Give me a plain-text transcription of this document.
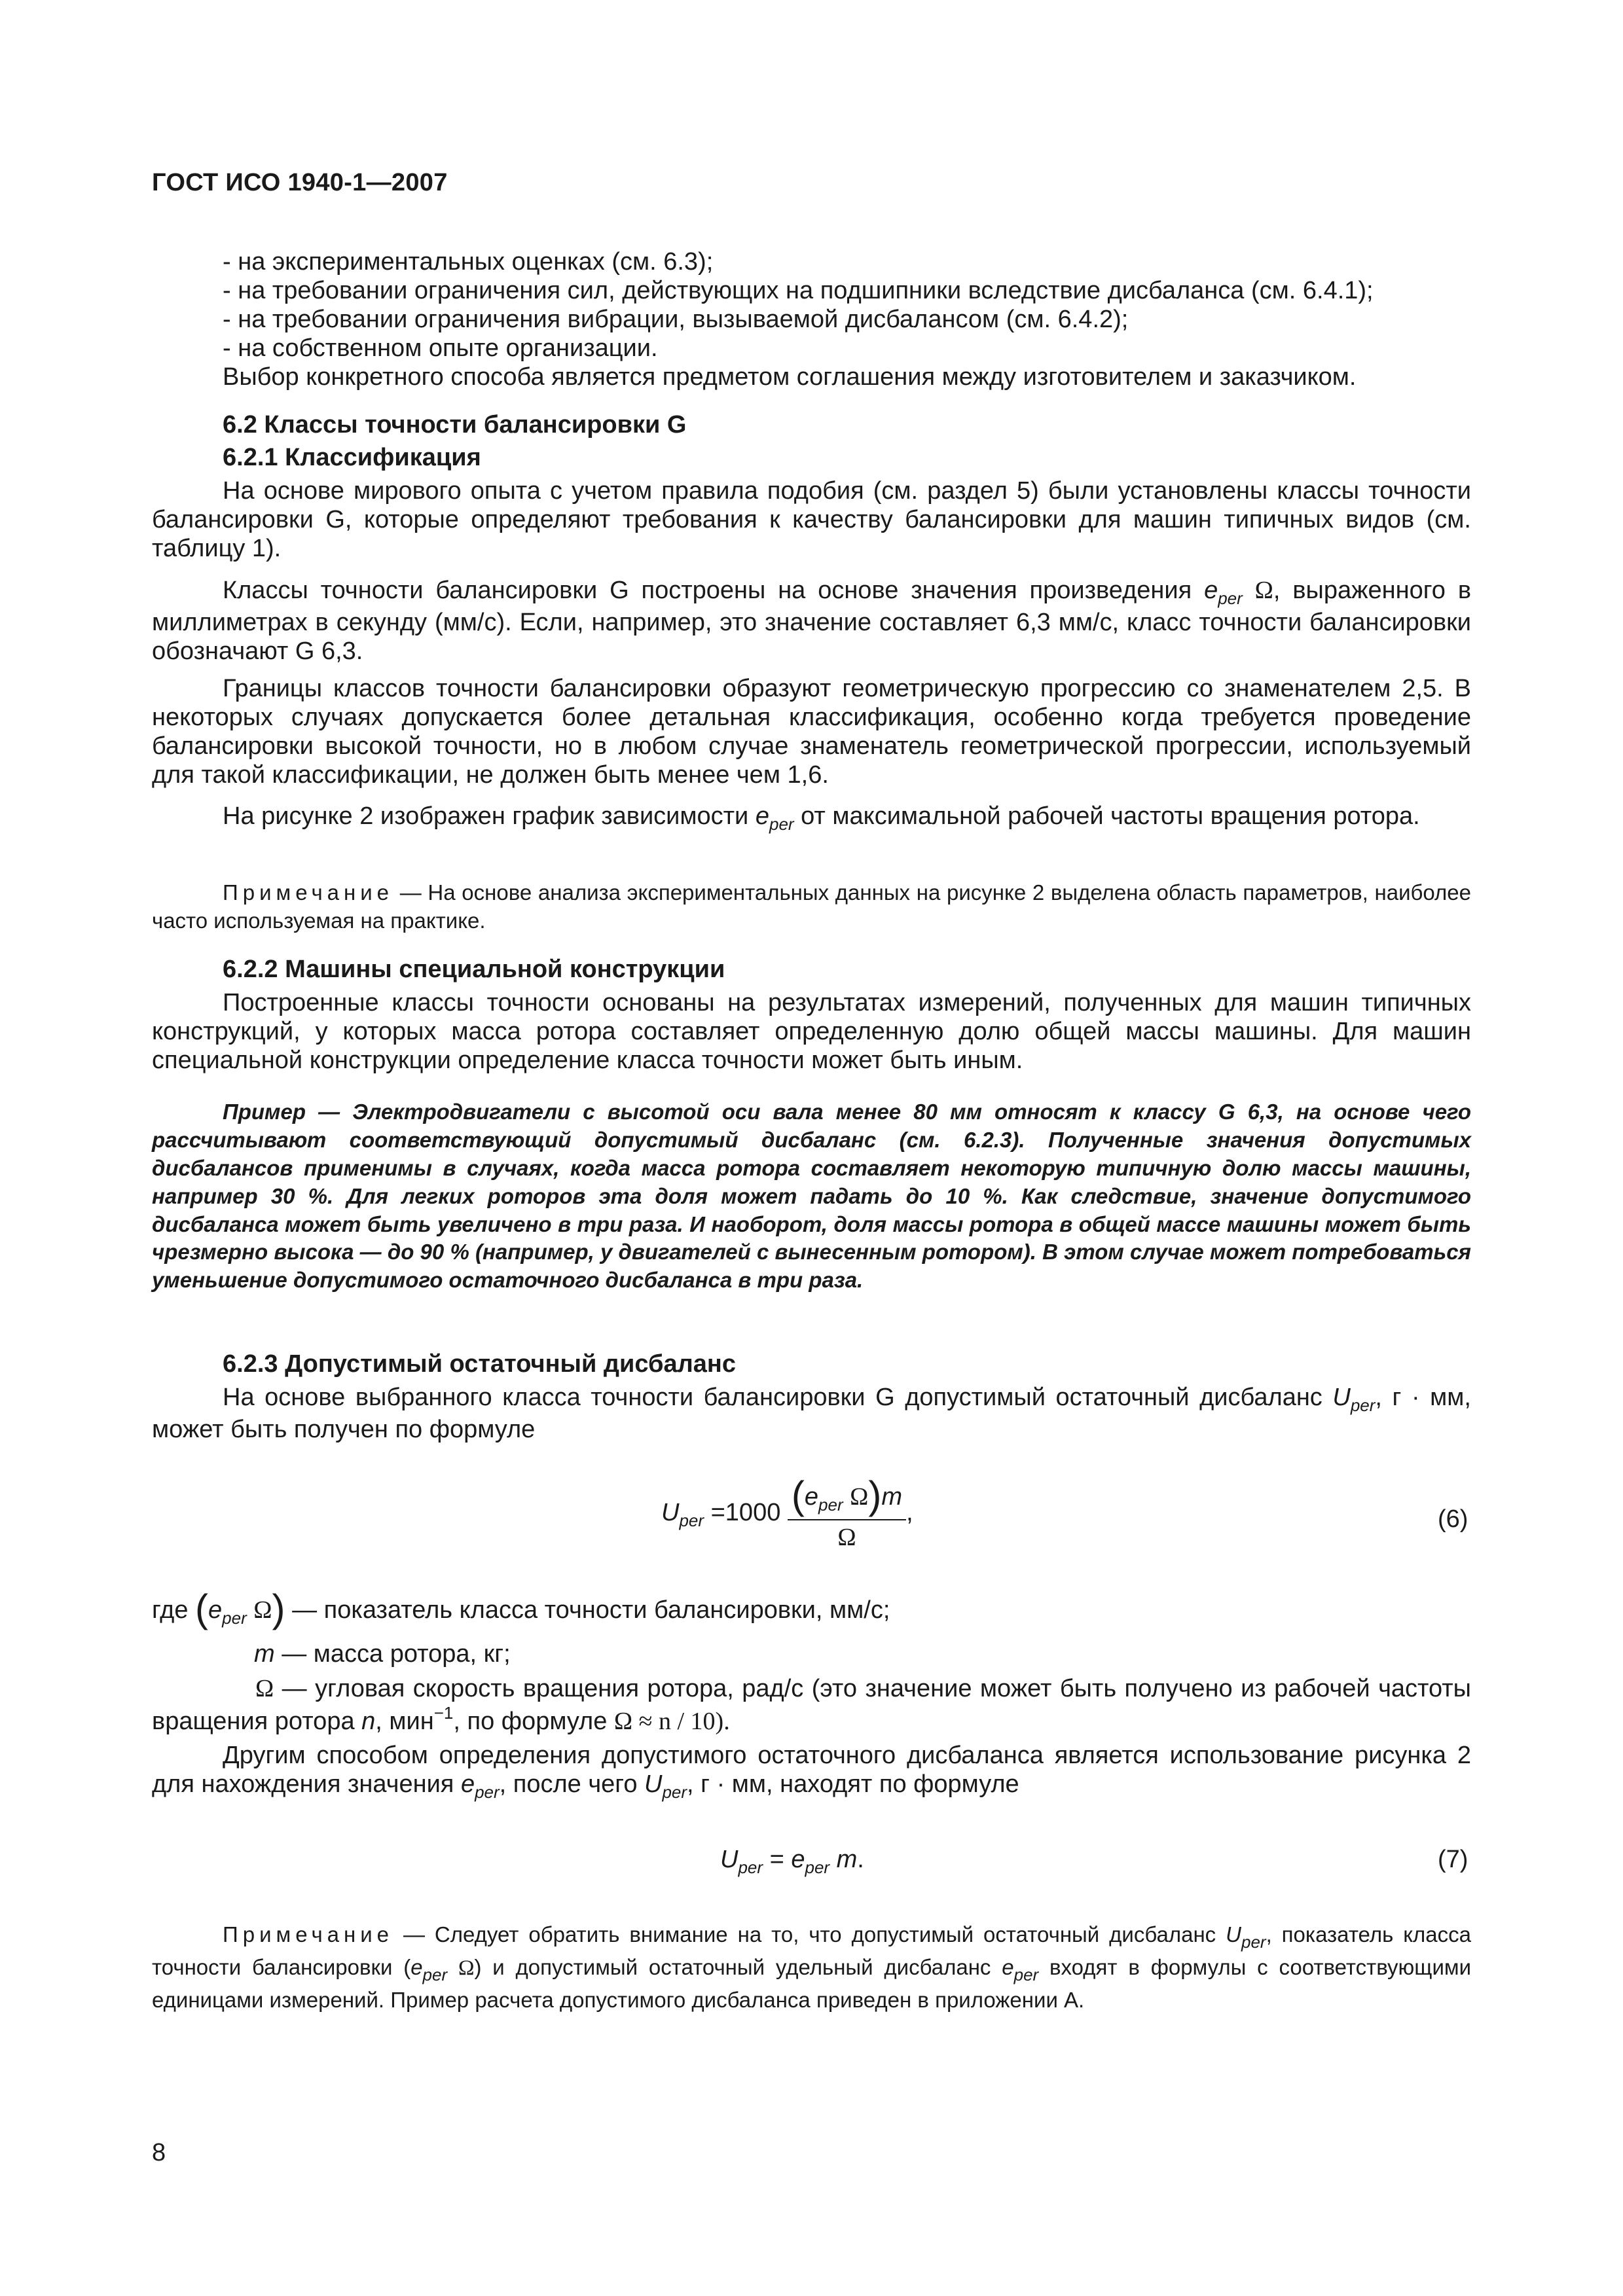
ГОСТ ИСО 1940-1—2007
- на экспериментальных оценках (см. 6.3);
- на требовании ограничения сил, действующих на подшипники вследствие дисбаланса (см. 6.4.1);
- на требовании ограничения вибрации, вызываемой дисбалансом (см. 6.4.2);
- на собственном опыте организации.
Выбор конкретного способа является предметом соглашения между изготовителем и заказчиком.
6.2 Классы точности балансировки G
6.2.1 Классификация
На основе мирового опыта с учетом правила подобия (см. раздел 5) были установлены классы точности балансировки G, которые определяют требования к качеству балансировки для машин типичных видов (см. таблицу 1).
Классы точности балансировки G построены на основе значения произведения $e_{per}$ Ω, выраженного в миллиметрах в секунду (мм/с). Если, например, это значение составляет 6,3 мм/с, класс точности балансировки обозначают G 6,3.
Границы классов точности балансировки образуют геометрическую прогрессию со знаменателем 2,5. В некоторых случаях допускается более детальная классификация, особенно когда требуется проведение балансировки высокой точности, но в любом случае знаменатель геометрической прогрессии, используемый для такой классификации, не должен быть менее чем 1,6.
На рисунке 2 изображен график зависимости $e_{per}$ от максимальной рабочей частоты вращения ротора.
Примечание — На основе анализа экспериментальных данных на рисунке 2 выделена область параметров, наиболее часто используемая на практике.
6.2.2 Машины специальной конструкции
Построенные классы точности основаны на результатах измерений, полученных для машин типичных конструкций, у которых масса ротора составляет определенную долю общей массы машины. Для машин специальной конструкции определение класса точности может быть иным.
Пример — Электродвигатели с высотой оси вала менее 80 мм относят к классу G 6,3, на основе чего рассчитывают соответствующий допустимый дисбаланс (см. 6.2.3). Полученные значения допустимых дисбалансов применимы в случаях, когда масса ротора составляет некоторую типичную долю массы машины, например 30 %. Для легких роторов эта доля может падать до 10 %. Как следствие, значение допустимого дисбаланса может быть увеличено в три раза. И наоборот, доля массы ротора в общей массе машины может быть чрезмерно высока — до 90 % (например, у двигателей с вынесенным ротором). В этом случае может потребоваться уменьшение допустимого остаточного дисбаланса в три раза.
6.2.3 Допустимый остаточный дисбаланс
На основе выбранного класса точности балансировки G допустимый остаточный дисбаланс $U_{per}$, г · мм, может быть получен по формуле
$U_{per} =1000 \frac{(e_{per} \Omega)m}{\Omega}$ ,	(6)
где ($e_{per}$ Ω) — показатель класса точности балансировки, мм/с;
m — масса ротора, кг;
Ω — угловая скорость вращения ротора, рад/с (это значение может быть получено из рабочей частоты вращения ротора n, мин$^{-1}$, по формуле Ω ≈ n / 10).
Другим способом определения допустимого остаточного дисбаланса является использование рисунка 2 для нахождения значения $e_{per}$, после чего $U_{per}$, г · мм, находят по формуле
$U_{per} = e_{per}$ m.	(7)
Примечание — Следует обратить внимание на то, что допустимый остаточный дисбаланс $U_{per}$, показатель класса точности балансировки ($e_{per}$ Ω) и допустимый остаточный удельный дисбаланс $e_{per}$ входят в формулы с соответствующими единицами измерений. Пример расчета допустимого дисбаланса приведен в приложении А.
8
